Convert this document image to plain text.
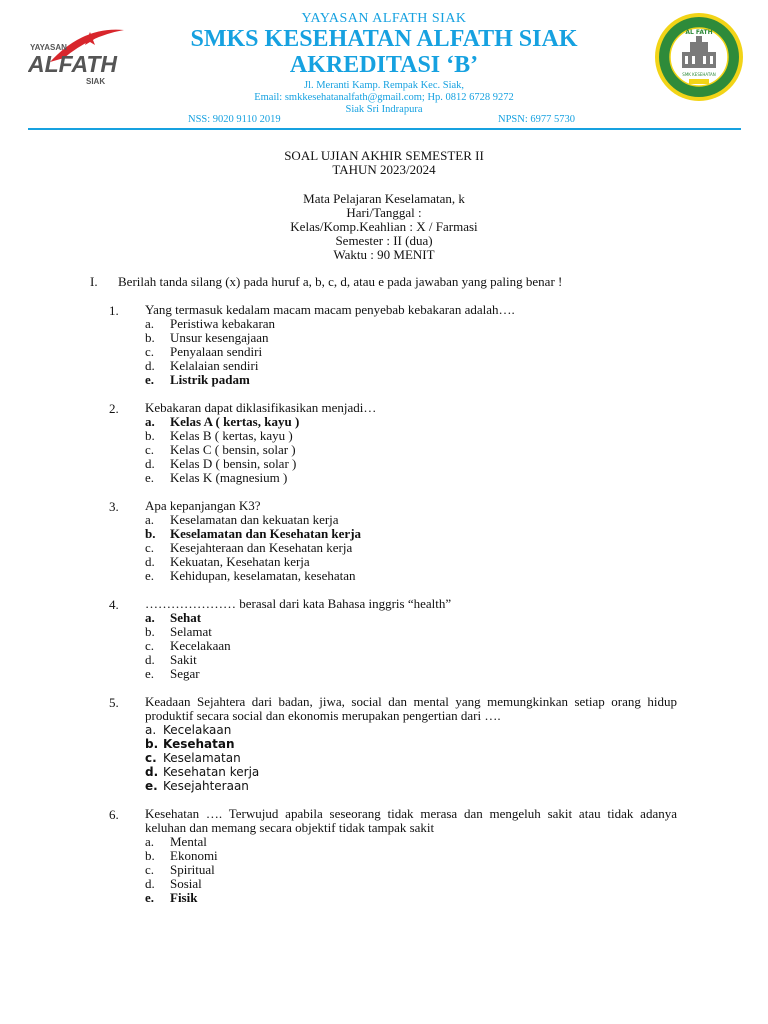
YAYASAN
ALFATH
SIAK
AL FATH
SMK KESEHATAN
YAYASAN ALFATH SIAK
SMKS KESEHATAN ALFATH SIAK
AKREDITASI ‘B’
Jl. Meranti Kamp. Rempak Kec. Siak,
Email: smkkesehatanalfath@gmail.com; Hp. 0812 6728 9272
Siak Sri Indrapura
NSS: 9020 9110 2019	NPSN: 6977 5730
SOAL UJIAN AKHIR SEMESTER II
TAHUN 2023/2024
Mata Pelajaran Keselamatan, k
Hari/Tanggal :
Kelas/Komp.Keahlian : X / Farmasi
Semester : II (dua)
Waktu : 90 MENIT
I. Berilah tanda silang (x) pada huruf a, b, c, d, atau e pada jawaban yang paling benar !
1. Yang termasuk kedalam macam macam penyebab kebakaran adalah….
a. Peristiwa kebakaran
b. Unsur kesengajaan
c. Penyalaan sendiri
d. Kelalaian sendiri
e. Listrik padam
2. Kebakaran dapat diklasifikasikan menjadi…
a. Kelas A ( kertas, kayu )
b. Kelas B ( kertas, kayu )
c. Kelas C ( bensin, solar )
d. Kelas D ( bensin, solar )
e. Kelas K (magnesium )
3. Apa kepanjangan K3?
a. Keselamatan dan kekuatan kerja
b. Keselamatan dan Kesehatan kerja
c. Kesejahteraan dan Kesehatan kerja
d. Kekuatan, Kesehatan kerja
e. Kehidupan, keselamatan, kesehatan
4. ………………… berasal dari kata Bahasa inggris “health”
a. Sehat
b. Selamat
c. Kecelakaan
d. Sakit
e. Segar
5. Keadaan Sejahtera dari badan, jiwa, social dan mental yang memungkinkan setiap orang hidup produktif secara social dan ekonomis merupakan pengertian dari ….
a. Kecelakaan
b. Kesehatan
c. Keselamatan
d. Kesehatan kerja
e. Kesejahteraan
6. Kesehatan …. Terwujud apabila seseorang tidak merasa dan mengeluh sakit atau tidak adanya keluhan dan memang secara objektif tidak tampak sakit
a. Mental
b. Ekonomi
c. Spiritual
d. Sosial
e. Fisik
